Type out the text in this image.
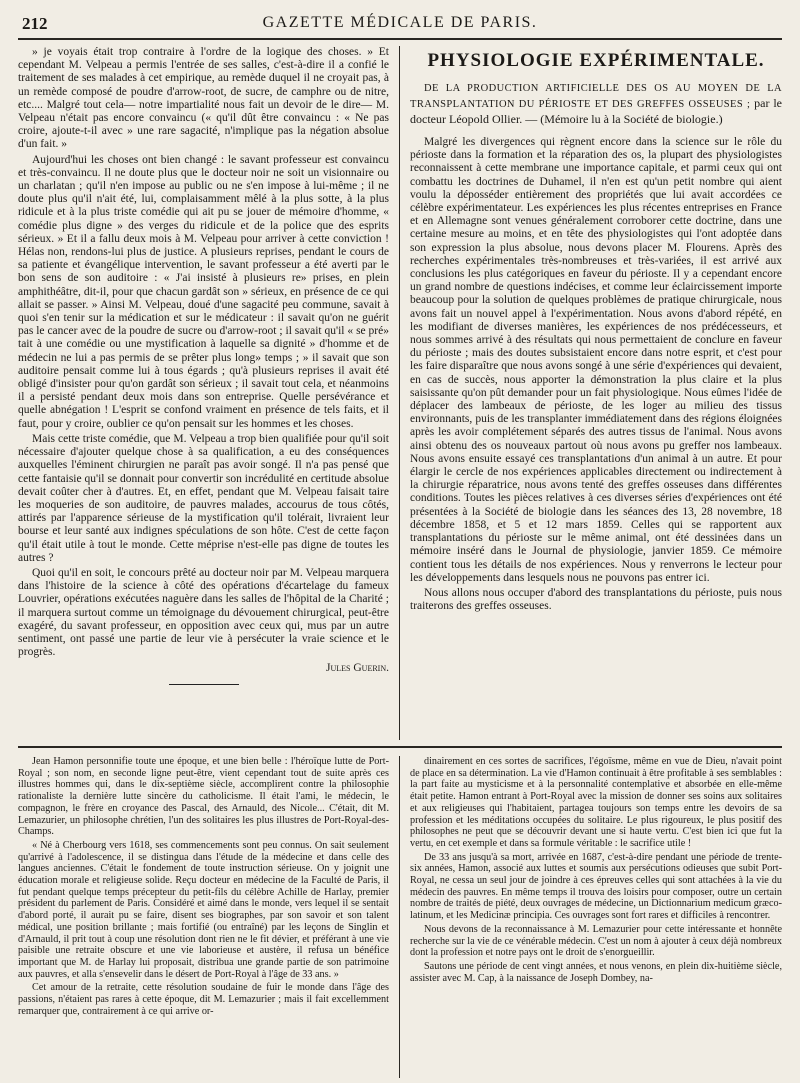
212	GAZETTE MÉDICALE DE PARIS.

» je voyais était trop contraire à l'ordre de la logique des choses. » Et cependant M. Velpeau a permis l'entrée de ses salles, c'est-à-dire il a confié le traitement de ses malades à cet empirique, au remède duquel il ne croyait pas, à un remède composé de poudre d'arrow-root, de sucre, de camphre ou de nitre, etc.... Malgré tout cela— notre impartialité nous fait un devoir de le dire— M. Velpeau n'était pas encore convaincu (« qu'il dût être convaincu : « Ne pas croire, ajoute-t-il avec » une rare sagacité, n'implique pas la négation absolue d'un fait. »

Aujourd'hui les choses ont bien changé : le savant professeur est convaincu et très-convaincu. Il ne doute plus que le docteur noir ne soit un visionnaire ou un charlatan ; qu'il n'en impose au public ou ne s'en impose à lui-même ; il ne doute plus qu'il n'ait été, lui, complaisamment mêlé à la plus sotte, à la plus ridicule et à la plus triste comédie qui ait pu se jouer de mémoire d'homme, « comédie plus digne » des verges du ridicule et de la police que des esprits sérieux. » Et il a fallu deux mois à M. Velpeau pour arriver à cette conviction ! Hélas non, rendons-lui plus de justice. A plusieurs reprises, pendant le cours de sa patiente et évangélique intervention, le savant professeur a été averti par le bon sens de son auditoire : « J'ai insisté à plusieurs re» prises, en plein amphithéâtre, dit-il, pour que chacun gardât son » sérieux, en présence de ce qui allait se passer. » Ainsi M. Velpeau, doué d'une sagacité peu commune, savait à quoi s'en tenir sur la médication et sur le médicateur : il savait qu'on ne guérit pas le cancer avec de la poudre de sucre ou d'arrow-root ; il savait qu'il « se pré» tait à une comédie ou une mystification à laquelle sa dignité » d'homme et de médecin ne lui a pas permis de se prêter plus long» temps ; » il savait que son auditoire pensait comme lui à tous égards ; qu'à plusieurs reprises il avait été obligé d'insister pour qu'on gardât son sérieux ; il savait tout cela, et néanmoins il a persisté pendant deux mois dans son entreprise. Quelle persévérance et quelle abnégation ! L'esprit se confond vraiment en présence de tels faits, et il faut, pour y croire, oublier ce qu'on pensait sur les hommes et les choses.

Mais cette triste comédie, que M. Velpeau a trop bien qualifiée pour qu'il soit nécessaire d'ajouter quelque chose à sa qualification, a eu des conséquences auxquelles l'éminent chirurgien ne paraît pas avoir songé. Il n'a pas pensé que cette fantaisie qu'il se donnait pour convertir son incrédulité en certitude absolue devait coûter cher à d'autres. Et, en effet, pendant que M. Velpeau faisait taire les moqueries de son auditoire, de pauvres malades, accourus de tous côtés, attirés par l'apparence sérieuse de la mystification qu'il tolérait, livraient leur bourse et leur santé aux indignes spéculations de son hôte. C'est de cette façon qu'il était utile à tout le monde. Cette méprise n'est-elle pas digne de toutes les autres ?

Quoi qu'il en soit, le concours prêté au docteur noir par M. Velpeau marquera dans l'histoire de la science à côté des opérations d'écartelage du fameux Louvrier, opérations exécutées naguère dans les salles de l'hôpital de la Charité ; il marquera surtout comme un témoignage du dévouement chirurgical, peut-être exagéré, du savant professeur, en opposition avec ceux qui, mus par un autre sentiment, ont passé une partie de leur vie à persécuter la vraie science et le progrès.

Jules Guerin.
PHYSIOLOGIE EXPÉRIMENTALE.
DE LA PRODUCTION ARTIFICIELLE DES OS AU MOYEN DE LA TRANSPLANTATION DU PÉRIOSTE ET DES GREFFES OSSEUSES ; par le docteur Léopold Ollier. — (Mémoire lu à la Société de biologie.)

Malgré les divergences qui règnent encore dans la science sur le rôle du périoste dans la formation et la réparation des os, la plupart des physiologistes reconnaissent à cette membrane une importance capitale, et parmi ceux qui ont combattu les doctrines de Duhamel, il n'en est qu'un petit nombre qui aient voulu la déposséder entièrement des propriétés que lui avait accordées ce célèbre expérimentateur. Les expériences les plus récentes entreprises en France et en Allemagne sont venues généralement corroborer cette doctrine, dans une certaine mesure au moins, et en tête des physiologistes qui l'ont adoptée dans son expression la plus absolue, nous devons placer M. Flourens. Après des recherches expérimentales très-nombreuses et très-variées, il est arrivé aux conclusions les plus catégoriques en faveur du périoste. Il y a cependant encore un grand nombre de questions indécises, et comme leur éclaircissement importe beaucoup pour la solution de quelques problèmes de pratique chirurgicale, nous avons fait un nouvel appel à l'expérimentation. Nous avons d'abord répété, en les modifiant de diverses manières, les expériences de nos prédécesseurs, et nous sommes arrivé à des résultats qui nous permettaient de conclure en faveur du périoste ; mais des doutes subsistaient encore dans notre esprit, et c'est pour les faire disparaître que nous avons songé à une série d'expériences qui devaient, en cas de succès, nous apporter la démonstration la plus claire et la plus saisissante qu'on pût demander pour un fait physiologique. Nous eûmes l'idée de déplacer des lambeaux de périoste, de les loger au milieu des tissus environnants, puis de les transplanter immédiatement dans des régions éloignées après les avoir complétement séparés des autres tissus de l'animal. Nous avons ainsi obtenu des os nouveaux partout où nous avons pu greffer nos lambeaux. Nous avons ensuite essayé ces transplantations d'un animal à un autre. Et pour élargir le cercle de nos expériences applicables directement ou indirectement à la chirurgie réparatrice, nous avons tenté des greffes osseuses dans différentes conditions. Toutes les pièces relatives à ces diverses séries d'expériences ont été présentées à la Société de biologie dans les séances des 13, 28 novembre, 18 décembre 1858, et 5 et 12 mars 1859. Celles qui se rapportent aux transplantations du périoste sur le même animal, ont été dessinées dans un mémoire inséré dans le Journal de physiologie, janvier 1859. Ce mémoire contient tous les détails de nos expériences. Nous y renverrons le lecteur pour les développements dans lesquels nous ne pouvons pas entrer ici.

Nous allons nous occuper d'abord des transplantations du périoste, puis nous traiterons des greffes osseuses.

Jean Hamon personnifie toute une époque, et une bien belle : l'héroïque lutte de Port-Royal ; son nom, en seconde ligne peut-être, vient cependant tout de suite après ces illustres hommes qui, dans le dix-septième siècle, accomplirent contre la philosophie rationaliste la dernière lutte sincère du catholicisme. Il était l'ami, le médecin, le compagnon, le frère en croyance des Pascal, des Arnauld, des Nicole... C'était, dit M. Lemazurier, un philosophe chrétien, l'un des solitaires les plus illustres de Port-Royal-des-Champs.

« Né à Cherbourg vers 1618, ses commencements sont peu connus. On sait seulement qu'arrivé à l'adolescence, il se distingua dans l'étude de la médecine et dans celle des langues anciennes. C'était le fondement de toute instruction sérieuse. On y joignit une éducation morale et religieuse solide. Reçu docteur en médecine de la Faculté de Paris, il fut pendant quelque temps précepteur du petit-fils du célèbre Achille de Harlay, premier président du parlement de Paris. Considéré et aimé dans le monde, vers lequel il se sentait d'abord porté, il aurait pu se faire, disent ses biographes, par son savoir et son talent médical, une position brillante ; mais fortifié (ou entraîné) par les leçons de Singlin et d'Arnauld, il prit tout à coup une résolution dont rien ne le fit dévier, et préférant à une vie paisible une retraite obscure et une vie laborieuse et austère, il refusa un bénéfice important que M. de Harlay lui proposait, distribua une grande partie de son patrimoine aux pauvres, et alla s'ensevelir dans le désert de Port-Royal à l'âge de 33 ans. »

Cet amour de la retraite, cette résolution soudaine de fuir le monde dans l'âge des passions, n'étaient pas rares à cette époque, dit M. Lemazurier ; mais il fait excellemment remarquer que, contrairement à ce qui arrive or-

dinairement en ces sortes de sacrifices, l'égoïsme, même en vue de Dieu, n'avait point de place en sa détermination. La vie d'Hamon continuait à être profitable à ses semblables : la part faite au mysticisme et à la personnalité contemplative et absorbée en elle-même était petite. Hamon entrant à Port-Royal avec la mission de donner ses soins aux solitaires et aux religieuses qui l'habitaient, partagea toujours son temps entre les devoirs de sa profession et les méditations occupées du solitaire. Le plus rigoureux, le plus positif des philosophes ne peut que se découvrir devant une si haute vertu. C'est bien ici que fut la vertu, en cet exemple et dans sa formule véritable : le sacrifice utile !

De 33 ans jusqu'à sa mort, arrivée en 1687, c'est-à-dire pendant une période de trente-six années, Hamon, associé aux luttes et soumis aux persécutions odieuses que subit Port-Royal, ne cessa un seul jour de joindre à ces épreuves celles qui sont attachées à la vie du médecin des pauvres. En même temps il trouva des loisirs pour composer, outre un certain nombre de traités de piété, deux ouvrages de médecine, un Dictionnarium medicum græco-latinum, et les Medicinæ principia. Ces ouvrages sont fort rares et difficiles à rencontrer.

Nous devons de la reconnaissance à M. Lemazurier pour cette intéressante et honnête recherche sur la vie de ce vénérable médecin. C'est un nom à ajouter à ceux déjà nombreux dont la profession et notre pays ont le droit de s'enorgueillir.

Sautons une période de cent vingt années, et nous venons, en plein dix-huitième siècle, assister avec M. Cap, à la naissance de Joseph Dombey, na-
